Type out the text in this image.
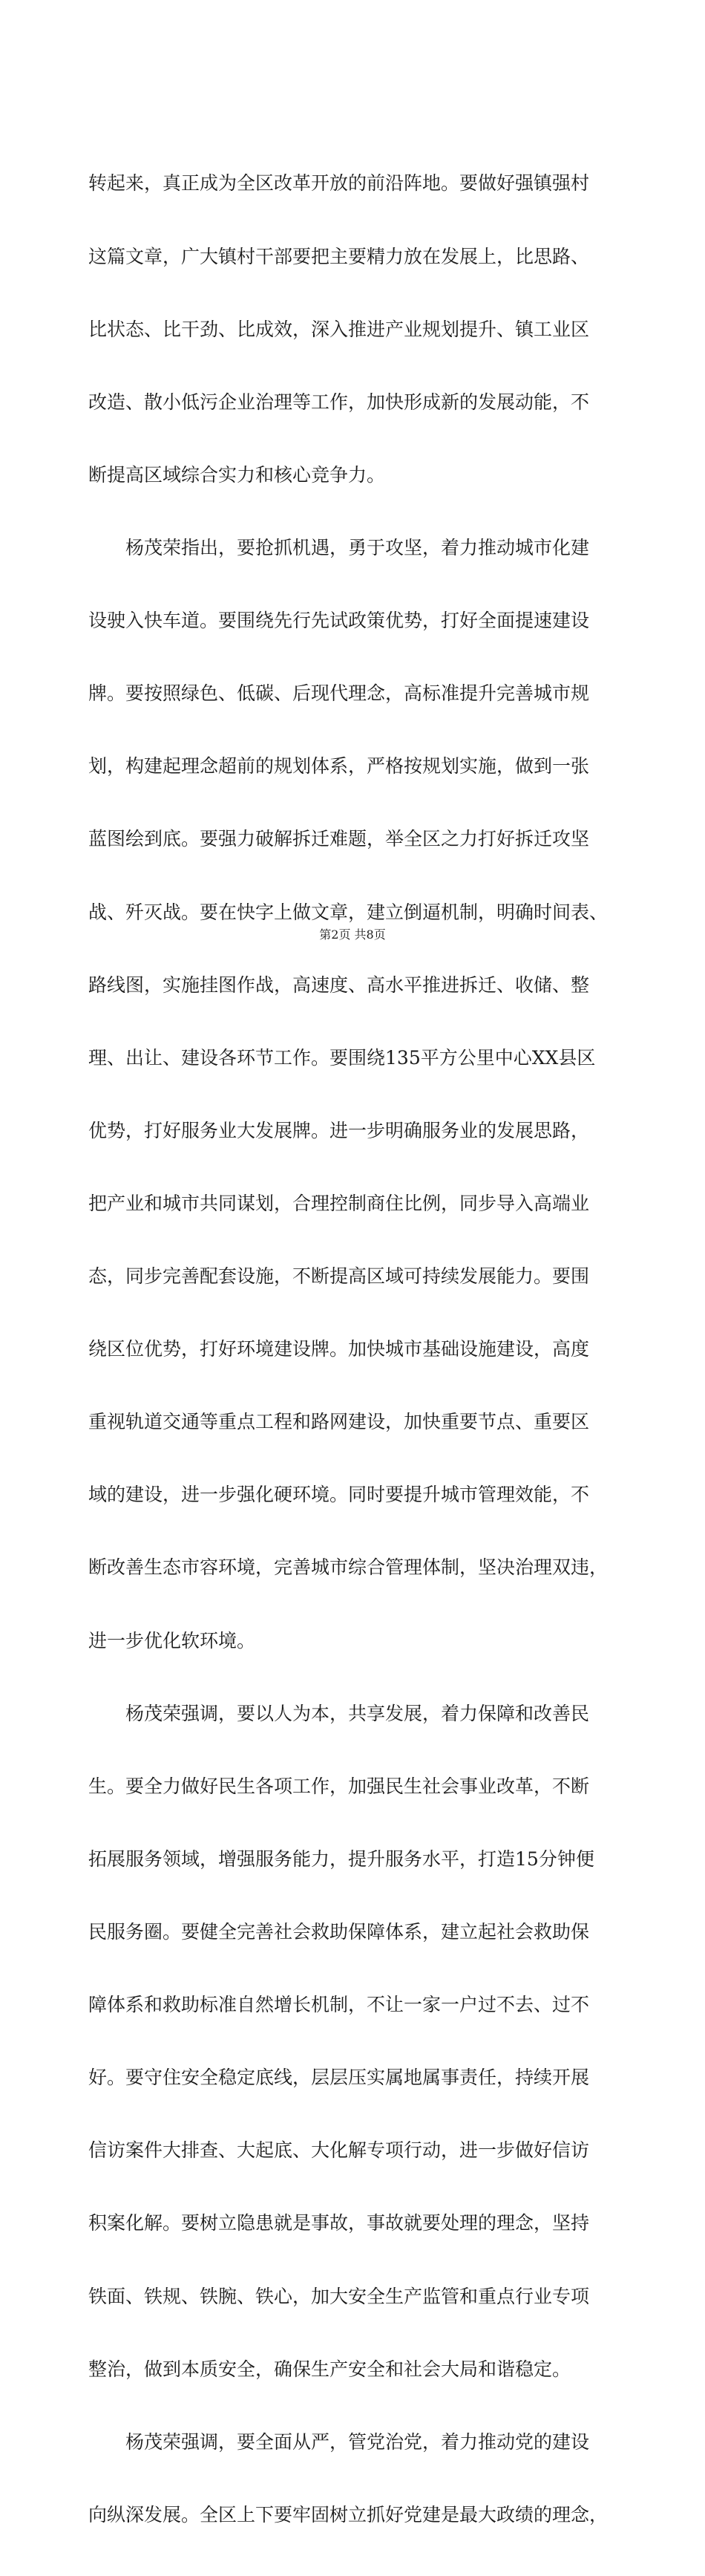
转起来，真正成为全区改革开放的前沿阵地。要做好强镇强村

这篇文章，广大镇村干部要把主要精力放在发展上，比思路、

比状态、比干劲、比成效，深入推进产业规划提升、镇工业区

改造、散小低污企业治理等工作，加快形成新的发展动能，不

断提高区域综合实力和核心竞争力。

　　杨茂荣指出，要抢抓机遇，勇于攻坚，着力推动城市化建

设驶入快车道。要围绕先行先试政策优势，打好全面提速建设

牌。要按照绿色、低碳、后现代理念，高标准提升完善城市规

划，构建起理念超前的规划体系，严格按规划实施，做到一张

蓝图绘到底。要强力破解拆迁难题，举全区之力打好拆迁攻坚

战、歼灭战。要在快字上做文章，建立倒逼机制，明确时间表、

路线图，实施挂图作战，高速度、高水平推进拆迁、收储、整

理、出让、建设各环节工作。要围绕135平方公里中心XX县区

优势，打好服务业大发展牌。进一步明确服务业的发展思路，

把产业和城市共同谋划，合理控制商住比例，同步导入高端业

态，同步完善配套设施，不断提高区域可持续发展能力。要围

绕区位优势，打好环境建设牌。加快城市基础设施建设，高度

重视轨道交通等重点工程和路网建设，加快重要节点、重要区

域的建设，进一步强化硬环境。同时要提升城市管理效能，不

断改善生态市容环境，完善城市综合管理体制，坚决治理双违，

进一步优化软环境。

　　杨茂荣强调，要以人为本，共享发展，着力保障和改善民

生。要全力做好民生各项工作，加强民生社会事业改革，不断

拓展服务领域，增强服务能力，提升服务水平，打造15分钟便

民服务圈。要健全完善社会救助保障体系，建立起社会救助保

障体系和救助标准自然增长机制，不让一家一户过不去、过不

好。要守住安全稳定底线，层层压实属地属事责任，持续开展

信访案件大排查、大起底、大化解专项行动，进一步做好信访

积案化解。要树立隐患就是事故，事故就要处理的理念，坚持

铁面、铁规、铁腕、铁心，加大安全生产监管和重点行业专项

整治，做到本质安全，确保生产安全和社会大局和谐稳定。

　　杨茂荣强调，要全面从严，管党治党，着力推动党的建设

向纵深发展。全区上下要牢固树立抓好党建是最大政绩的理念，

第2页 共8页
